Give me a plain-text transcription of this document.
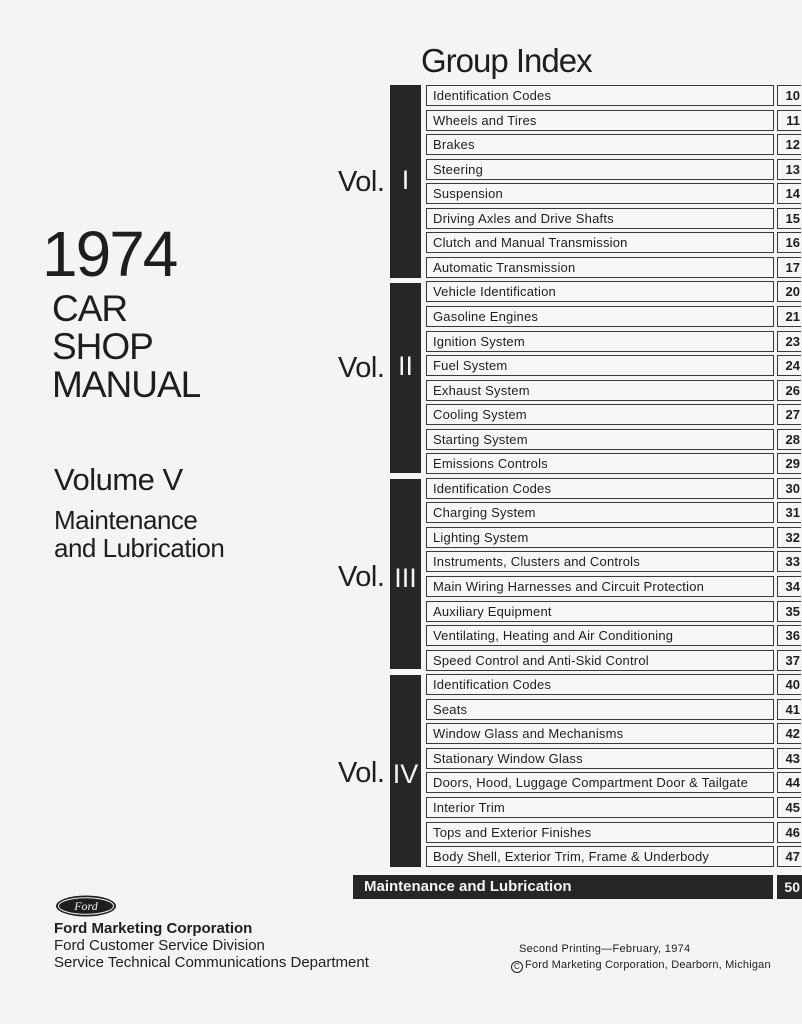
1974
CAR
SHOP
MANUAL
Volume V
Maintenance
and Lubrication
Group Index
Vol.
Vol.
Vol.
Vol.
I
II
III
IV
Identification Codes	10
Wheels and Tires	11
Brakes	12
Steering	13
Suspension	14
Driving Axles and Drive Shafts	15
Clutch and Manual Transmission	16
Automatic Transmission	17
Vehicle Identification	20
Gasoline Engines	21
Ignition System	23
Fuel System	24
Exhaust System	26
Cooling System	27
Starting System	28
Emissions Controls	29
Identification Codes	30
Charging System	31
Lighting System	32
Instruments, Clusters and Controls	33
Main Wiring Harnesses and Circuit Protection	34
Auxiliary Equipment	35
Ventilating, Heating and Air Conditioning	36
Speed Control and Anti-Skid Control	37
Identification Codes	40
Seats	41
Window Glass and Mechanisms	42
Stationary Window Glass	43
Doors, Hood, Luggage Compartment Door & Tailgate	44
Interior Trim	45
Tops and Exterior Finishes	46
Body Shell, Exterior Trim, Frame & Underbody	47
Maintenance and Lubrication	50
Ford
Ford Marketing Corporation
Ford Customer Service Division
Service Technical Communications Department
Second Printing—February, 1974
C Ford Marketing Corporation, Dearborn, Michigan
